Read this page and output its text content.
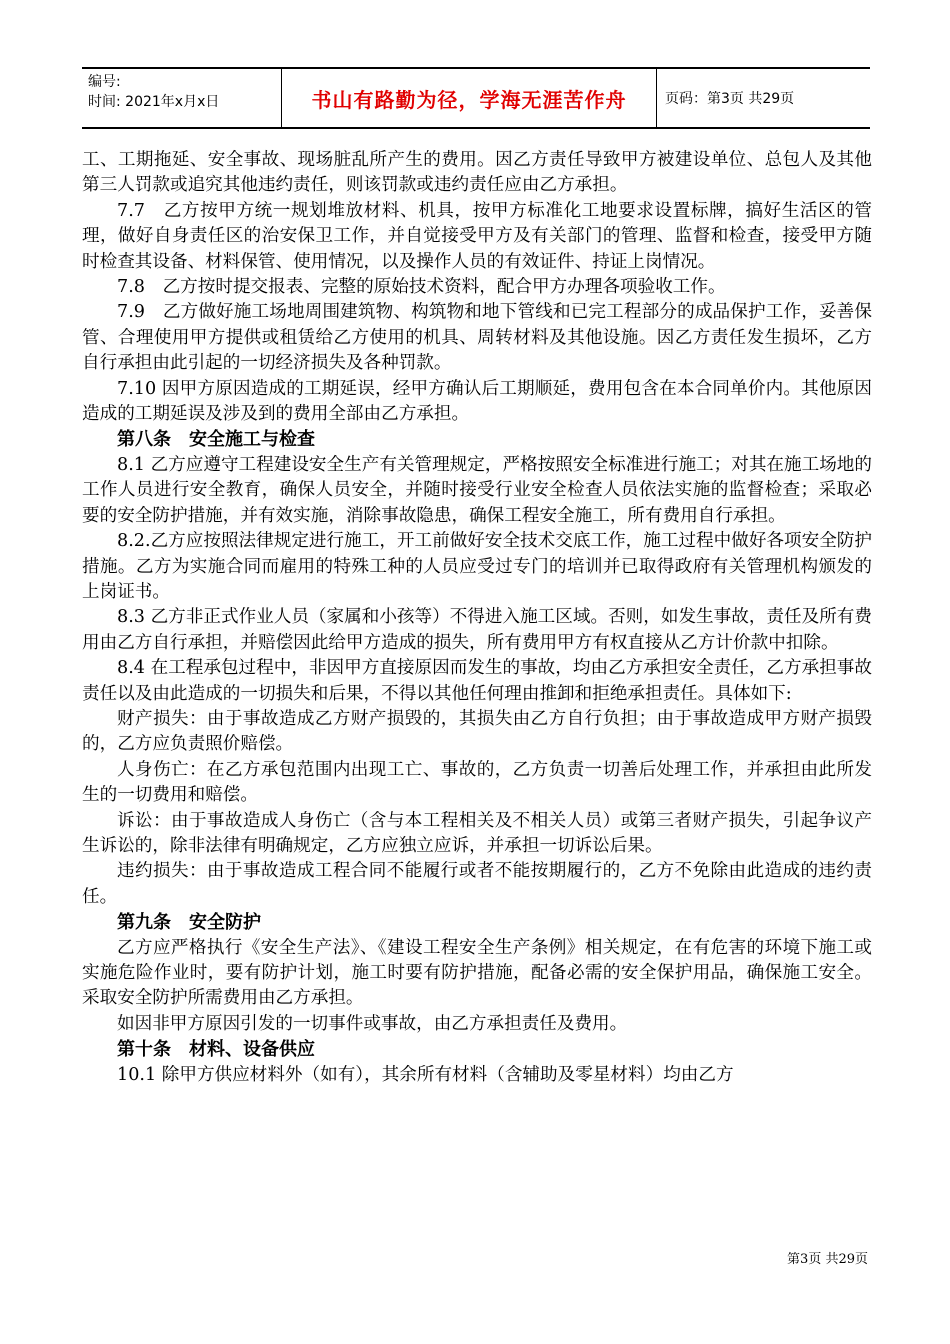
编号:
时间: 2021年x月x日	书山有路勤为径，学海无涯苦作舟	页码：第3页 共29页

工、工期拖延、安全事故、现场脏乱所产生的费用。因乙方责任导致甲方被建设单位、总包人及其他第三人罚款或追究其他违约责任，则该罚款或违约责任应由乙方承担。

7.7　乙方按甲方统一规划堆放材料、机具，按甲方标准化工地要求设置标牌，搞好生活区的管理，做好自身责任区的治安保卫工作，并自觉接受甲方及有关部门的管理、监督和检查，接受甲方随时检查其设备、材料保管、使用情况，以及操作人员的有效证件、持证上岗情况。

7.8　乙方按时提交报表、完整的原始技术资料，配合甲方办理各项验收工作。

7.9　乙方做好施工场地周围建筑物、构筑物和地下管线和已完工程部分的成品保护工作，妥善保管、合理使用甲方提供或租赁给乙方使用的机具、周转材料及其他设施。因乙方责任发生损坏，乙方自行承担由此引起的一切经济损失及各种罚款。

7.10 因甲方原因造成的工期延误，经甲方确认后工期顺延，费用包含在本合同单价内。其他原因造成的工期延误及涉及到的费用全部由乙方承担。

第八条　安全施工与检查

8.1 乙方应遵守工程建设安全生产有关管理规定，严格按照安全标准进行施工；对其在施工场地的工作人员进行安全教育，确保人员安全，并随时接受行业安全检查人员依法实施的监督检查；采取必要的安全防护措施，并有效实施，消除事故隐患，确保工程安全施工，所有费用自行承担。

8.2.乙方应按照法律规定进行施工，开工前做好安全技术交底工作，施工过程中做好各项安全防护措施。乙方为实施合同而雇用的特殊工种的人员应受过专门的培训并已取得政府有关管理机构颁发的上岗证书。

8.3 乙方非正式作业人员（家属和小孩等）不得进入施工区域。否则，如发生事故，责任及所有费用由乙方自行承担，并赔偿因此给甲方造成的损失，所有费用甲方有权直接从乙方计价款中扣除。

8.4 在工程承包过程中，非因甲方直接原因而发生的事故，均由乙方承担安全责任，乙方承担事故责任以及由此造成的一切损失和后果，不得以其他任何理由推卸和拒绝承担责任。具体如下:

财产损失：由于事故造成乙方财产损毁的，其损失由乙方自行负担；由于事故造成甲方财产损毁的，乙方应负责照价赔偿。

人身伤亡：在乙方承包范围内出现工亡、事故的，乙方负责一切善后处理工作，并承担由此所发生的一切费用和赔偿。

诉讼：由于事故造成人身伤亡（含与本工程相关及不相关人员）或第三者财产损失，引起争议产生诉讼的，除非法律有明确规定，乙方应独立应诉，并承担一切诉讼后果。

违约损失：由于事故造成工程合同不能履行或者不能按期履行的，乙方不免除由此造成的违约责任。

第九条　安全防护

乙方应严格执行《安全生产法》、《建设工程安全生产条例》相关规定，在有危害的环境下施工或实施危险作业时，要有防护计划，施工时要有防护措施，配备必需的安全保护用品，确保施工安全。采取安全防护所需费用由乙方承担。

如因非甲方原因引发的一切事件或事故，由乙方承担责任及费用。

第十条　材料、设备供应

10.1 除甲方供应材料外（如有），其余所有材料（含辅助及零星材料）均由乙方

第3页 共29页
